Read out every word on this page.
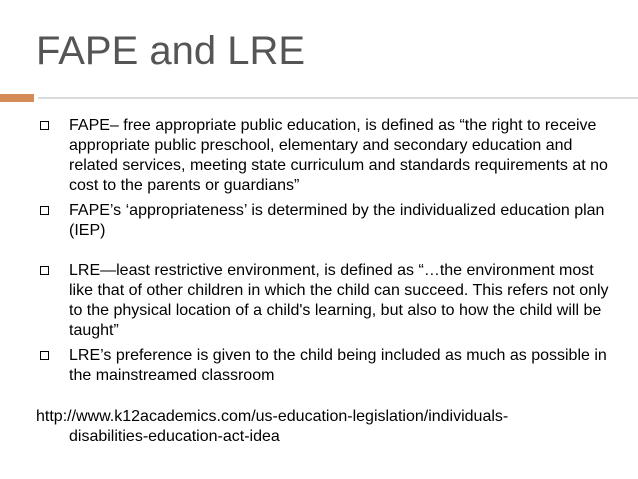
FAPE and LRE
FAPE– free appropriate public education, is defined as “the right to receive appropriate public preschool, elementary and secondary education and related services, meeting state curriculum and standards requirements at no cost to the parents or guardians”
FAPE’s ‘appropriateness’ is determined by the individualized education plan (IEP)
LRE—least restrictive environment, is defined as “…the environment most like that of other children in which the child can succeed. This refers not only to the physical location of a child's learning, but also to how the child will be taught”
LRE’s preference is given to the child being included as much as possible in the mainstreamed classroom
http://www.k12academics.com/us-education-legislation/individuals-
disabilities-education-act-idea
